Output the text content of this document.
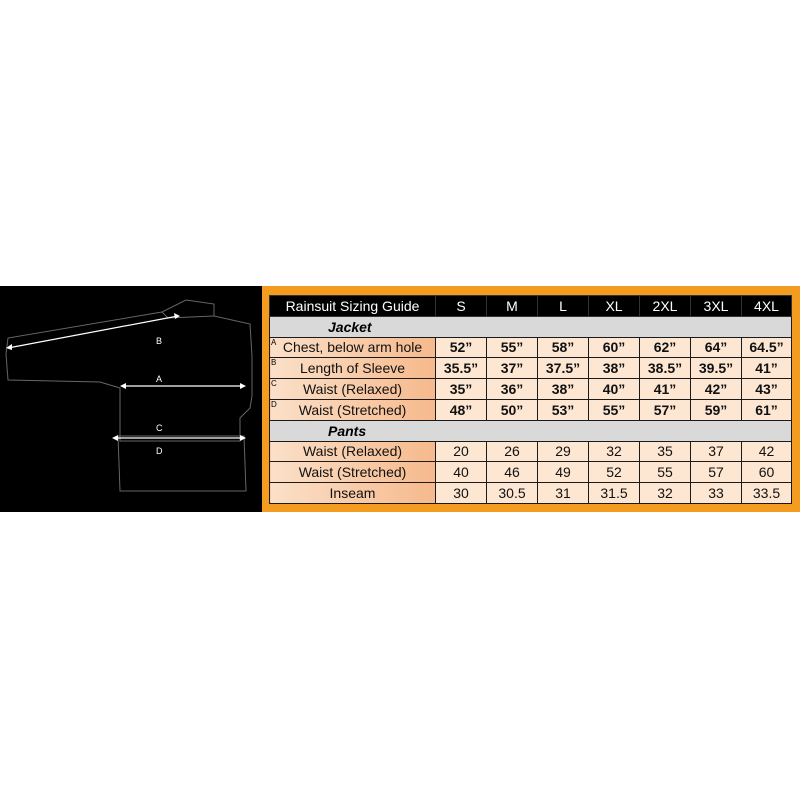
B
A
C
D
Rainsuit Sizing Guide	S	M	L	XL	2XL	3XL	4XL
Jacket							

A Chest, below arm hole	52”	55”	58”	60”	62”	64”	64.5”

B Length of Sleeve	35.5”	37”	37.5”	38”	38.5”	39.5”	41”

C Waist (Relaxed)	35”	36”	38”	40”	41”	42”	43”

D Waist (Stretched)	48”	50”	53”	55”	57”	59”	61”
Pants							
Waist (Relaxed)	20	26	29	32	35	37	42
Waist (Stretched)	40	46	49	52	55	57	60
Inseam	30	30.5	31	31.5	32	33	33.5
